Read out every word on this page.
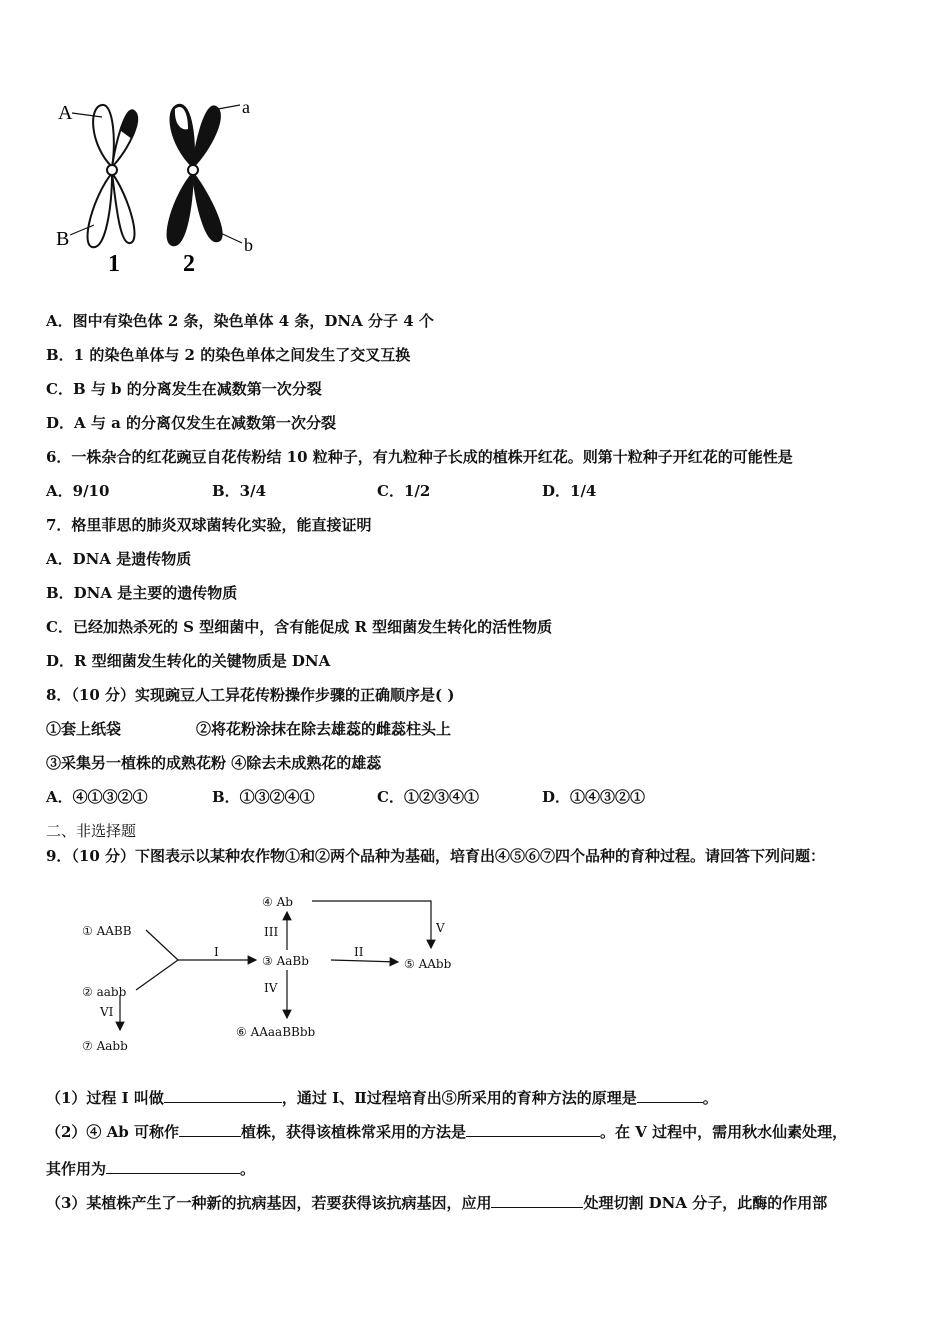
A	a
B	b
1	2
A．图中有染色体 2 条，染色单体 4 条，DNA 分子 4 个
B．1 的染色单体与 2 的染色单体之间发生了交叉互换
C．B 与 b 的分离发生在减数第一次分裂
D．A 与 a 的分离仅发生在减数第一次分裂
6．一株杂合的红花豌豆自花传粉结 10 粒种子，有九粒种子长成的植株开红花。则第十粒种子开红花的可能性是
A．9/10	B．3/4	C．1/2	D．1/4
7．格里菲思的肺炎双球菌转化实验，能直接证明
A．DNA 是遗传物质
B．DNA 是主要的遗传物质
C．已经加热杀死的 S 型细菌中，含有能促成 R 型细菌发生转化的活性物质
D．R 型细菌发生转化的关键物质是 DNA
8．（10 分）实现豌豆人工异花传粉操作步骤的正确顺序是( )
①套上纸袋	②将花粉涂抹在除去雄蕊的雌蕊柱头上
③采集另一植株的成熟花粉 ④除去未成熟花的雄蕊
A．④①③②①	B．①③②④①	C．①②③④①	D．①④③②①
二、非选择题
9．（10 分）下图表示以某种农作物①和②两个品种为基础，培育出④⑤⑥⑦四个品种的育种过程。请回答下列问题：
① AABB
② aabb
③ AaBb
④ Ab
⑤ AAbb
⑥ AAaaBBbb
⑦ Aabb
I	II
III
IV
V
VI
（1）过程 I 叫做	，通过 I、Ⅱ过程培育出⑤所采用的育种方法的原理是	。
（2）④ Ab 可称作	植株，获得该植株常采用的方法是	。在 V 过程中，需用秋水仙素处理，
其作用为	。
（3）某植株产生了一种新的抗病基因，若要获得该抗病基因，应用	处理切割 DNA 分子，此酶的作用部
